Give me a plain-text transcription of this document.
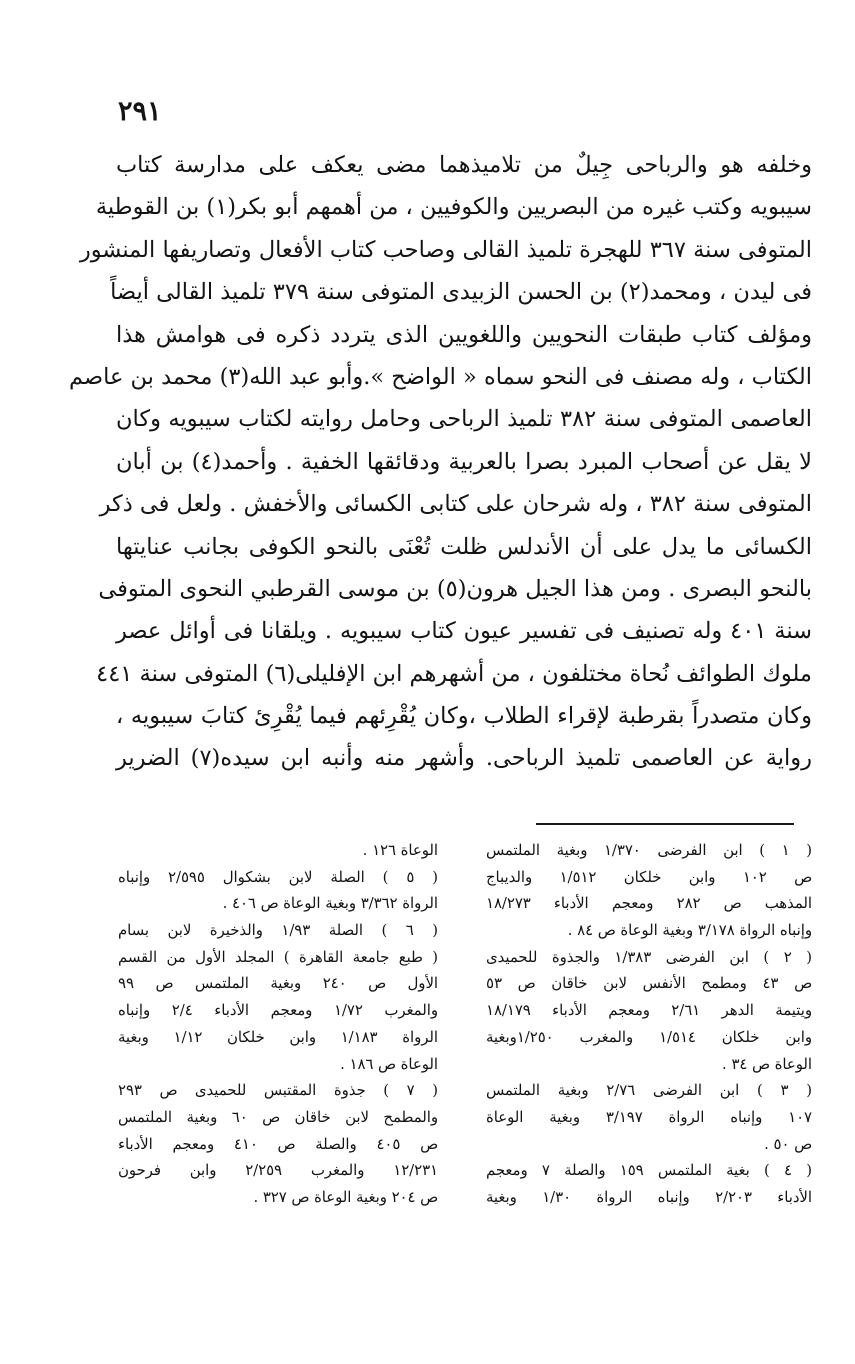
٢٩١
وخلفه هو والرباحى جِيلٌ من تلاميذهما مضى يعكف على مدارسة كتاب
سيبويه وكتب غيره من البصريين والكوفيين ، من أهمهم أبو بكر(١) بن القوطية
المتوفى سنة ٣٦٧ للهجرة تلميذ القالى وصاحب كتاب الأفعال وتصاريفها المنشور
فى ليدن ، ومحمد(٢) بن الحسن الزبيدى المتوفى سنة ٣٧٩ تلميذ القالى أيضاً
ومؤلف كتاب طبقات النحويين واللغويين الذى يتردد ذكره فى هوامش هذا
الكتاب ، وله مصنف فى النحو سماه « الواضح ».وأبو عبد الله(٣) محمد بن عاصم
العاصمى المتوفى سنة ٣٨٢ تلميذ الرباحى وحامل روايته لكتاب سيبويه وكان
لا يقل عن أصحاب المبرد بصرا بالعربية ودقائقها الخفية . وأحمد(٤) بن أبان
المتوفى سنة ٣٨٢ ، وله شرحان على كتابى الكسائى والأخفش . ولعل فى ذكر
الكسائى ما يدل على أن الأندلس ظلت تُعْنَى بالنحو الكوفى بجانب عنايتها
بالنحو البصرى . ومن هذا الجيل هرون(٥) بن موسى القرطبي النحوى المتوفى
سنة ٤٠١ وله تصنيف فى تفسير عيون كتاب سيبويه . ويلقانا فى أوائل عصر
ملوك الطوائف نُحاة مختلفون ، من أشهرهم ابن الإفليلى(٦) المتوفى سنة ٤٤١
وكان متصدراً بقرطبة لإقراء الطلاب ،وكان يُقْرِئهم فيما يُقْرِئ كتابَ سيبويه ،
رواية عن العاصمى تلميذ الرباحى. وأشهر منه وأنبه ابن سيده(٧) الضرير
( ١ ) ابن الفرضى ١/٣٧٠ وبغية الملتمس
ص ١٠٢ وابن خلكان ١/٥١٢ والديباج
المذهب ص ٢٨٢ ومعجم الأدباء ١٨/٢٧٣
وإنباه الرواة ٣/١٧٨ وبغية الوعاة ص ٨٤ .
( ٢ ) ابن الفرضى ١/٣٨٣ والجذوة للحميدى
ص ٤٣ ومطمح الأنفس لابن خاقان ص ٥٣
ويتيمة الدهر ٢/٦١ ومعجم الأدباء ١٨/١٧٩
وابن خلكان ١/٥١٤ والمغرب ١/٢٥٠وبغية
الوعاة ص ٣٤ .
( ٣ ) ابن الفرضى ٢/٧٦ وبغية الملتمس
١٠٧ وإنباه الرواة ٣/١٩٧ وبغية الوعاة
ص ٥٠ .
( ٤ ) بغية الملتمس ١٥٩ والصلة ٧ ومعجم
الأدباء ٢/٢٠٣ وإنباه الرواة ١/٣٠ وبغية
الوعاة ١٢٦ .
( ٥ ) الصلة لابن بشكوال ٢/٥٩٥ وإنباه
الرواة ٣/٣٦٢ وبغية الوعاة ص ٤٠٦ .
( ٦ ) الصلة ١/٩٣ والذخيرة لابن بسام
( طبع جامعة القاهرة ) المجلد الأول من القسم
الأول ص ٢٤٠ وبغية الملتمس ص ٩٩
والمغرب ١/٧٢ ومعجم الأدباء ٢/٤ وإنباه
الرواة ١/١٨٣ وابن خلكان ١/١٢ وبغية
الوعاة ص ١٨٦ .
( ٧ ) جذوة المقتبس للحميدى ص ٢٩٣
والمطمح لابن خاقان ص ٦٠ وبغية الملتمس
ص ٤٠٥ والصلة ص ٤١٠ ومعجم الأدباء
١٢/٢٣١ والمغرب ٢/٢٥٩ وابن فرحون
ص ٢٠٤ وبغية الوعاة ص ٣٢٧ .
